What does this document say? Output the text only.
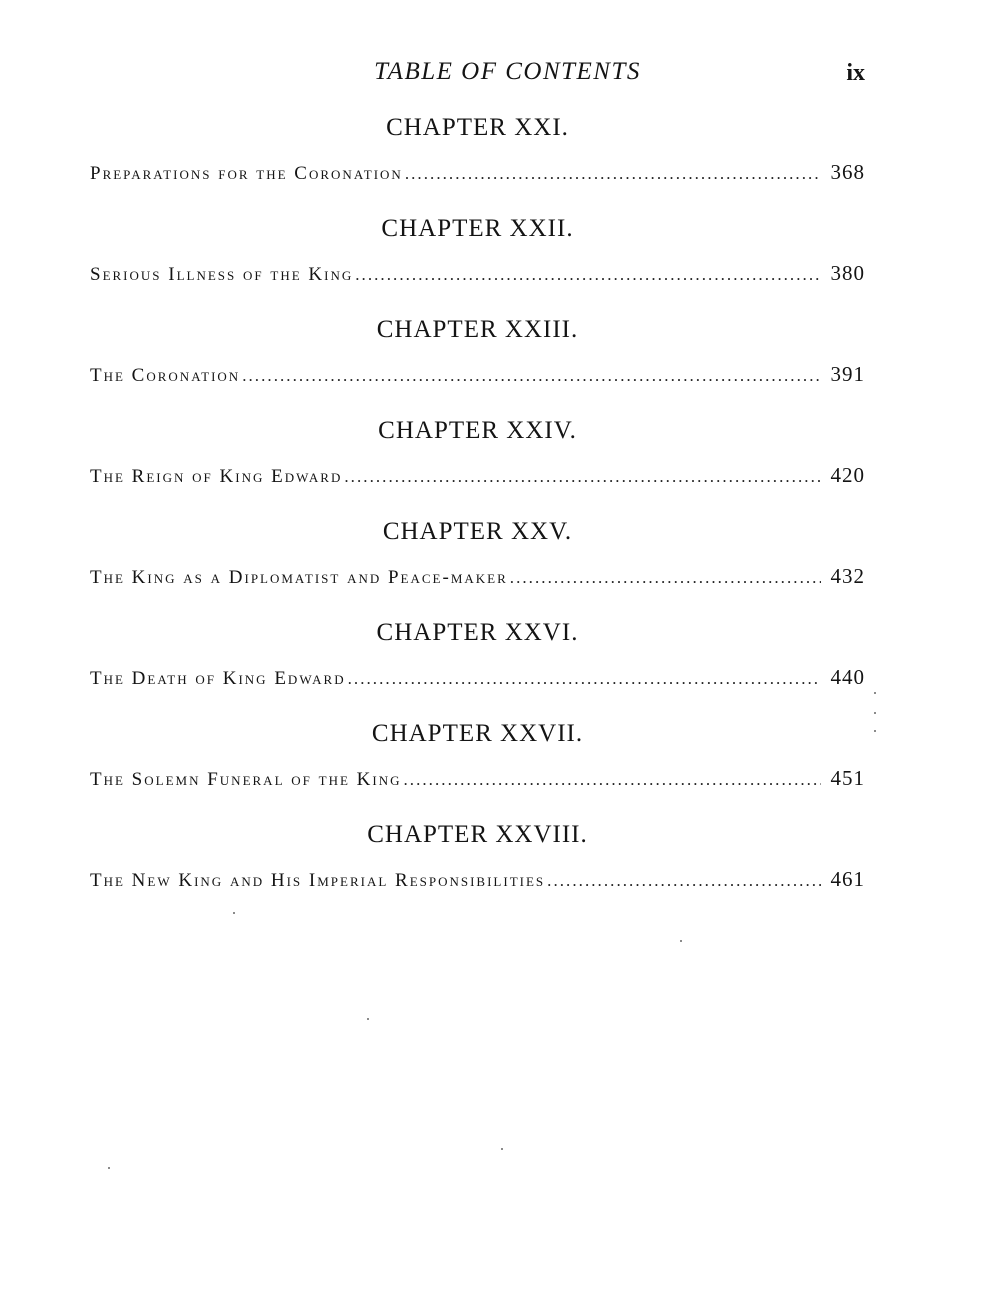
TABLE OF CONTENTS	ix
CHAPTER XXI.
Preparations for the Coronation . . .	368
CHAPTER XXII.
Serious Illness of the King . . .	380
CHAPTER XXIII.
The Coronation . . .	391
CHAPTER XXIV.
The Reign of King Edward . . .	420
CHAPTER XXV.
The King as a Diplomatist and Peace-maker . . .	432
CHAPTER XXVI.
The Death of King Edward . . .	440
CHAPTER XXVII.
The Solemn Funeral of the King . . .	451
CHAPTER XXVIII.
The New King and His Imperial Responsibilities . . .	461
